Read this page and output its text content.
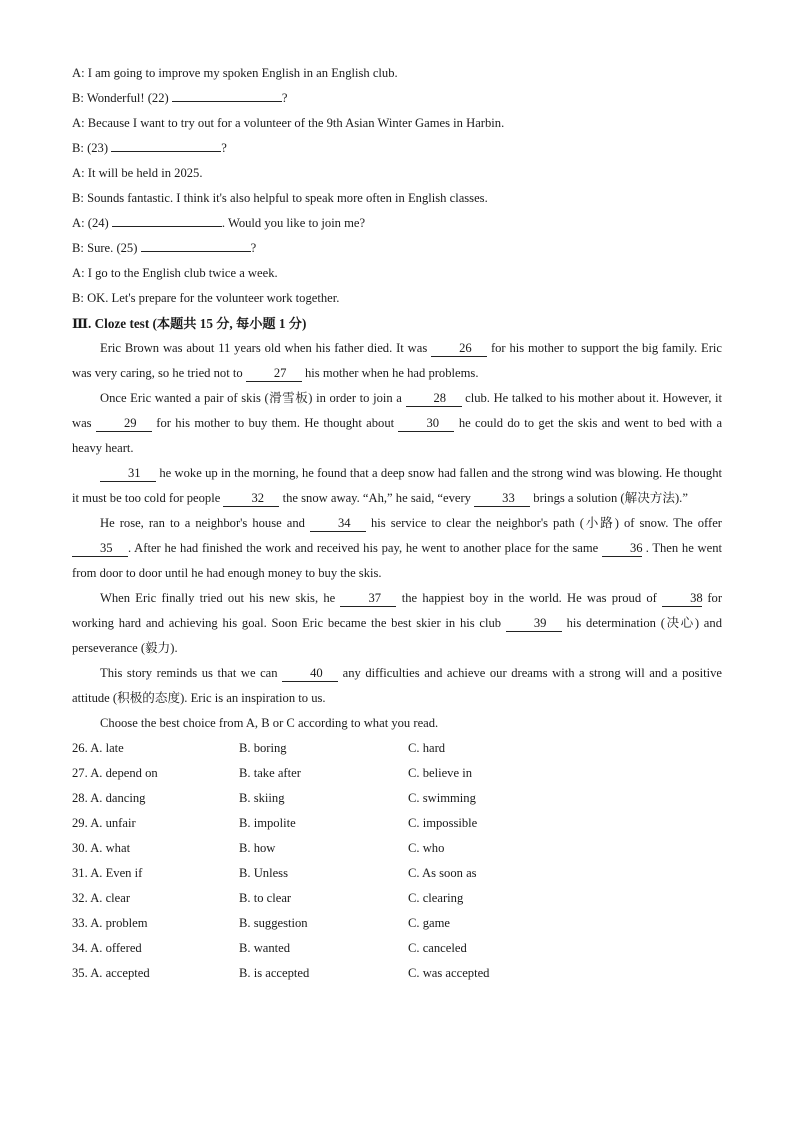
A: I am going to improve my spoken English in an English club.
B: Wonderful! (22)	?
A: Because I want to try out for a volunteer of the 9th Asian Winter Games in Harbin.
B: (23)	?
A: It will be held in 2025.
B: Sounds fantastic. I think it's also helpful to speak more often in English classes.
A: (24)	. Would you like to join me?
B: Sure. (25)	?
A: I go to the English club twice a week.
B: OK. Let's prepare for the volunteer work together.
Ⅲ. Cloze test (本题共 15 分, 每小题 1 分)
Eric Brown was about 11 years old when his father died. It was	26 for his mother to support the big family. Eric was very caring, so he tried not to 27 his mother when he had problems.
Once Eric wanted a pair of skis (滑雪板) in order to join a	28 club. He talked to his mother about it. However, it was	29 for his mother to buy them. He thought about	30 he could do to get the skis and went to bed with a heavy heart.
31 he woke up in the morning, he found that a deep snow had fallen and the strong wind was blowing. He thought it must be too cold for people 32 the snow away. “Ah,” he said, “every 33 brings a solution (解决方法).”
He rose, ran to a neighbor's house and	34 his service to clear the neighbor's path (小路) of snow. The offer 35 . After he had finished the work and received his pay, he went to another place for the same	36 . Then he went from door to door until he had enough money to buy the skis.
When Eric finally tried out his new skis, he	37 the happiest boy in the world. He was proud of	38 for working hard and achieving his goal. Soon Eric became the best skier in his club	39 his determination (决心) and perseverance (毅力).
This story reminds us that we can	40 any difficulties and achieve our dreams with a strong will and a positive attitude (积极的态度). Eric is an inspiration to us.
Choose the best choice from A, B or C according to what you read.
26. A. late	B. boring	C. hard
27. A. depend on	B. take after	C. believe in
28. A. dancing	B. skiing	C. swimming
29. A. unfair	B. impolite	C. impossible
30. A. what	B. how	C. who
31. A. Even if	B. Unless	C. As soon as
32. A. clear	B. to clear	C. clearing
33. A. problem	B. suggestion	C. game
34. A. offered	B. wanted	C. canceled
35. A. accepted	B. is accepted	C. was accepted
